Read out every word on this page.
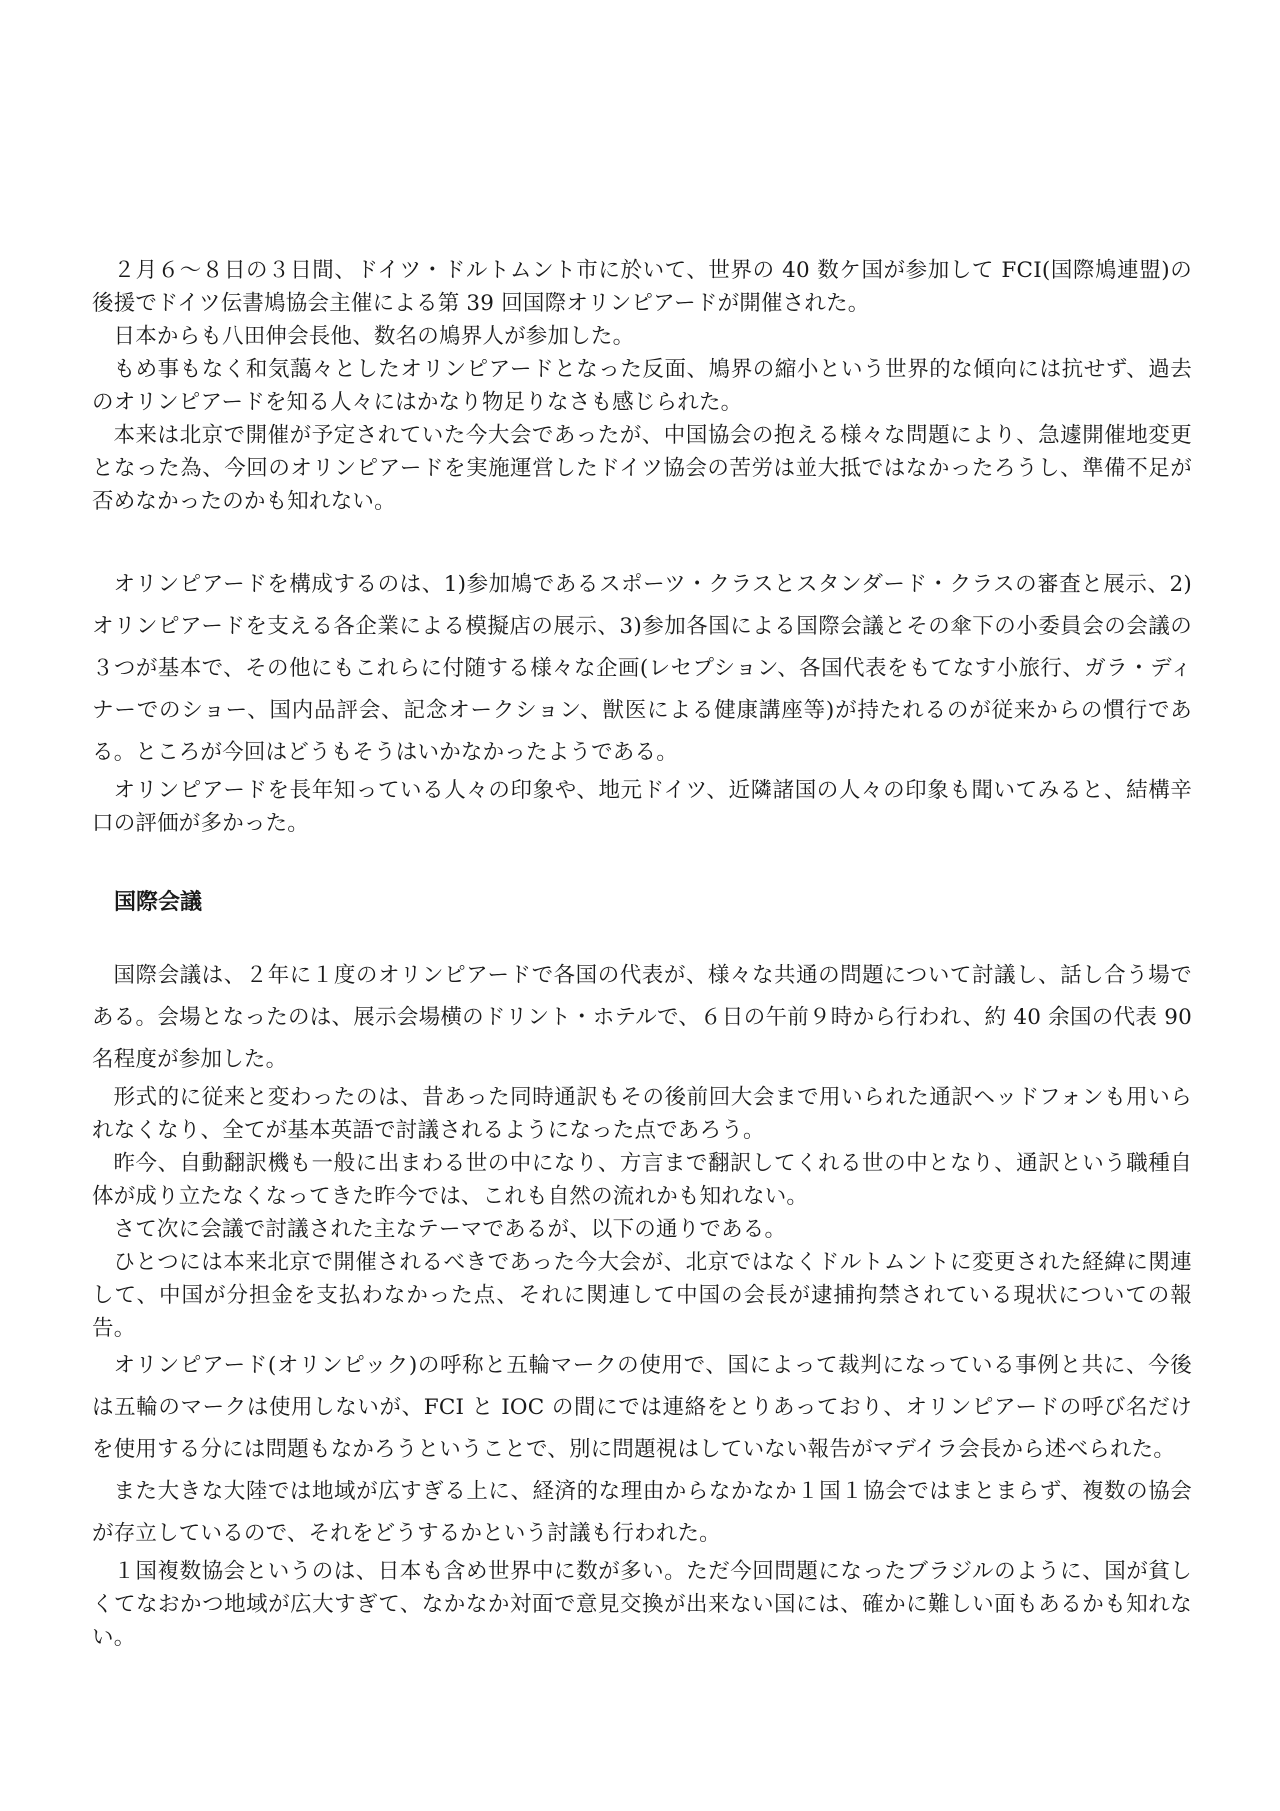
２月６～８日の３日間、ドイツ・ドルトムント市に於いて、世界の 40 数ケ国が参加して FCI(国際鳩連盟)の後援でドイツ伝書鳩協会主催による第 39 回国際オリンピアードが開催された。

日本からも八田伸会長他、数名の鳩界人が参加した。

もめ事もなく和気藹々としたオリンピアードとなった反面、鳩界の縮小という世界的な傾向には抗せず、過去のオリンピアードを知る人々にはかなり物足りなさも感じられた。

本来は北京で開催が予定されていた今大会であったが、中国協会の抱える様々な問題により、急遽開催地変更となった為、今回のオリンピアードを実施運営したドイツ協会の苦労は並大抵ではなかったろうし、準備不足が否めなかったのかも知れない。

オリンピアードを構成するのは、1)参加鳩であるスポーツ・クラスとスタンダード・クラスの審査と展示、2)オリンピアードを支える各企業による模擬店の展示、3)参加各国による国際会議とその傘下の小委員会の会議の３つが基本で、その他にもこれらに付随する様々な企画(レセプション、各国代表をもてなす小旅行、ガラ・ディナーでのショー、国内品評会、記念オークション、獣医による健康講座等)が持たれるのが従来からの慣行である。ところが今回はどうもそうはいかなかったようである。

オリンピアードを長年知っている人々の印象や、地元ドイツ、近隣諸国の人々の印象も聞いてみると、結構辛口の評価が多かった。

国際会議

国際会議は、２年に１度のオリンピアードで各国の代表が、様々な共通の問題について討議し、話し合う場である。会場となったのは、展示会場横のドリント・ホテルで、６日の午前９時から行われ、約 40 余国の代表 90 名程度が参加した。

形式的に従来と変わったのは、昔あった同時通訳もその後前回大会まで用いられた通訳ヘッドフォンも用いられなくなり、全てが基本英語で討議されるようになった点であろう。

昨今、自動翻訳機も一般に出まわる世の中になり、方言まで翻訳してくれる世の中となり、通訳という職種自体が成り立たなくなってきた昨今では、これも自然の流れかも知れない。

さて次に会議で討議された主なテーマであるが、以下の通りである。

ひとつには本来北京で開催されるべきであった今大会が、北京ではなくドルトムントに変更された経緯に関連して、中国が分担金を支払わなかった点、それに関連して中国の会長が逮捕拘禁されている現状についての報告。

オリンピアード(オリンピック)の呼称と五輪マークの使用で、国によって裁判になっている事例と共に、今後は五輪のマークは使用しないが、FCI と IOC の間にでは連絡をとりあっており、オリンピアードの呼び名だけを使用する分には問題もなかろうということで、別に問題視はしていない報告がマデイラ会長から述べられた。

また大きな大陸では地域が広すぎる上に、経済的な理由からなかなか１国１協会ではまとまらず、複数の協会が存立しているので、それをどうするかという討議も行われた。

１国複数協会というのは、日本も含め世界中に数が多い。ただ今回問題になったブラジルのように、国が貧しくてなおかつ地域が広大すぎて、なかなか対面で意見交換が出来ない国には、確かに難しい面もあるかも知れない。
